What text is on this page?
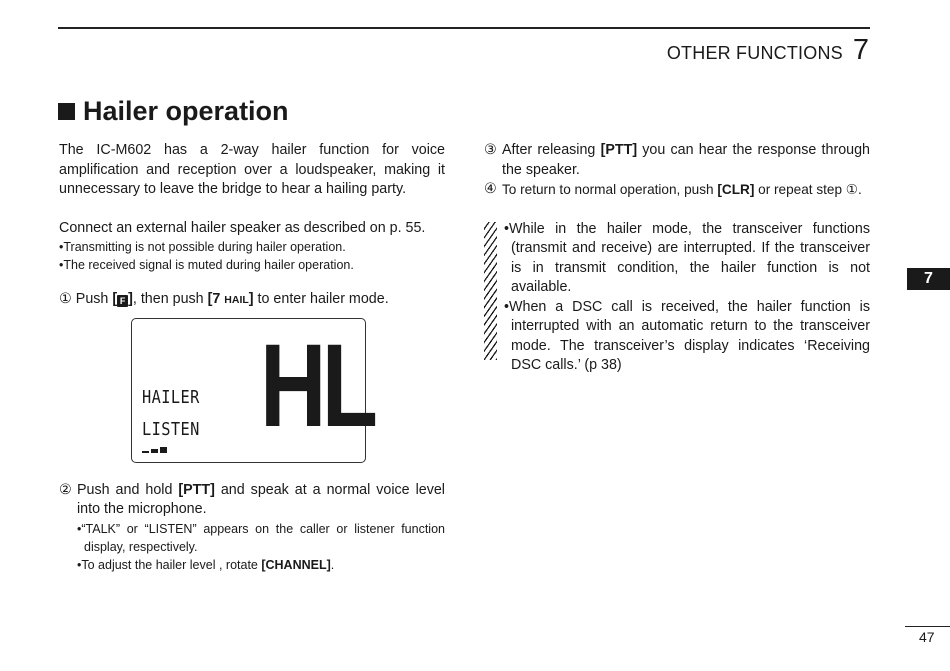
OTHER FUNCTIONS 7
Hailer operation

The IC-M602 has a 2-way hailer function for voice amplification and reception over a loudspeaker, making it unnecessary to leave the bridge to hear a hailing party.

Connect an external hailer speaker as described on p. 55.

•Transmitting is not possible during hailer operation.

•The received signal is muted during hailer operation.

① Push [ F ], then push [7 HAIL] to enter hailer mode.

② Push and hold [PTT] and speak at a normal voice level into the microphone.

•“TALK” or “LISTEN” appears on the caller or listener function display, respectively.

•To adjust the hailer level , rotate [CHANNEL].

HL
HAILER
LISTEN
③ After releasing [PTT] you can hear the response through the speaker.
④ To return to normal operation, push [CLR] or repeat step ①.

•While in the hailer mode, the transceiver functions (transmit and receive) are interrupted. If the transceiver is in transmit condition, the hailer function is not available.

•When a DSC call is received, the hailer function is interrupted with an automatic return to the transceiver mode. The transceiver’s display indicates ‘Receiving DSC calls.’ (p 38)

7
47
